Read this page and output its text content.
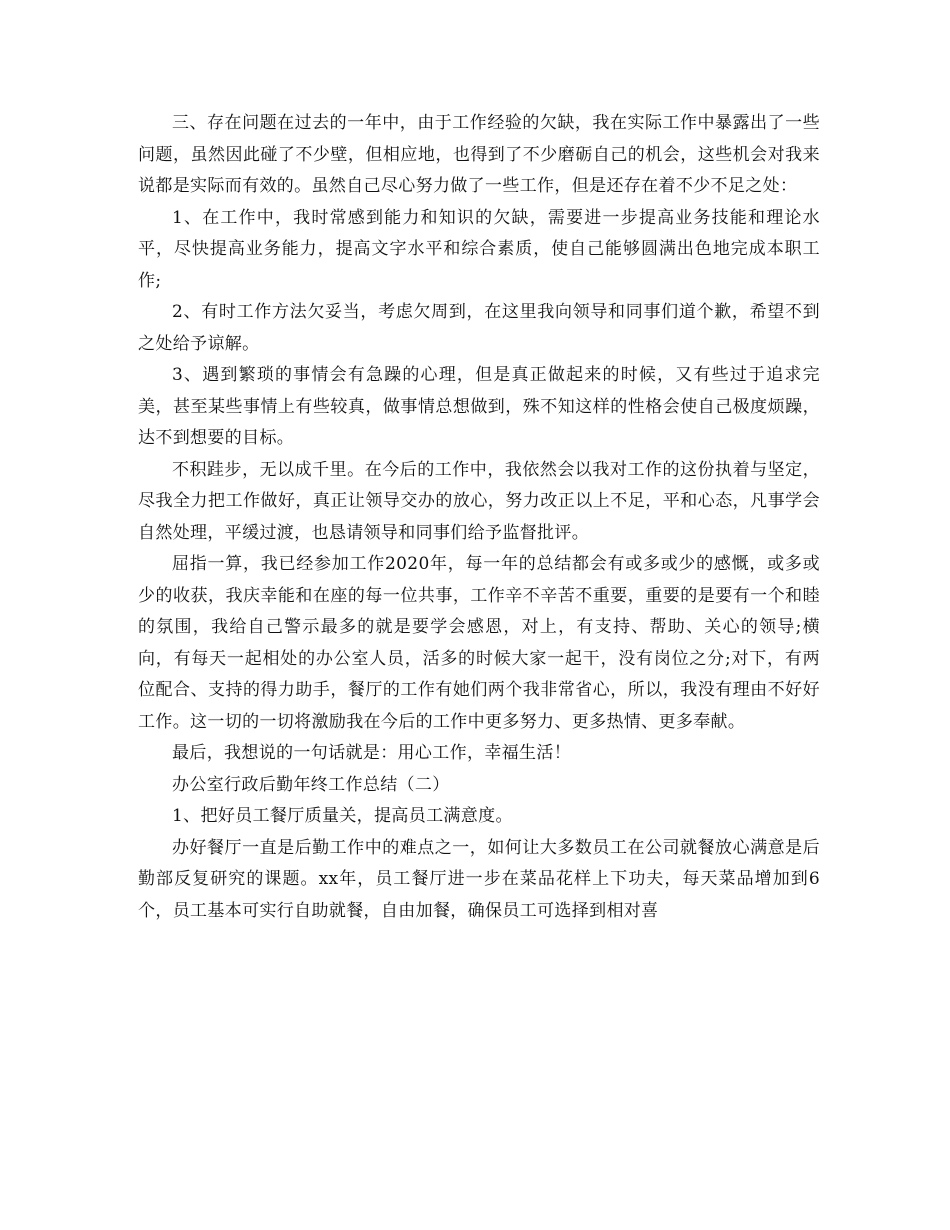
三、存在问题在过去的一年中，由于工作经验的欠缺，我在实际工作中暴露出了一些问题，虽然因此碰了不少壁，但相应地，也得到了不少磨砺自己的机会，这些机会对我来说都是实际而有效的。虽然自己尽心努力做了一些工作，但是还存在着不少不足之处：

1、在工作中，我时常感到能力和知识的欠缺，需要进一步提高业务技能和理论水平，尽快提高业务能力，提高文字水平和综合素质，使自己能够圆满出色地完成本职工作;

2、有时工作方法欠妥当，考虑欠周到，在这里我向领导和同事们道个歉，希望不到之处给予谅解。

3、遇到繁琐的事情会有急躁的心理，但是真正做起来的时候，又有些过于追求完美，甚至某些事情上有些较真，做事情总想做到，殊不知这样的性格会使自己极度烦躁，达不到想要的目标。

不积跬步，无以成千里。在今后的工作中，我依然会以我对工作的这份执着与坚定，尽我全力把工作做好，真正让领导交办的放心，努力改正以上不足，平和心态，凡事学会自然处理，平缓过渡，也恳请领导和同事们给予监督批评。

屈指一算，我已经参加工作2020年，每一年的总结都会有或多或少的感慨，或多或少的收获，我庆幸能和在座的每一位共事，工作辛不辛苦不重要，重要的是要有一个和睦的氛围，我给自己警示最多的就是要学会感恩，对上，有支持、帮助、关心的领导;横向，有每天一起相处的办公室人员，活多的时候大家一起干，没有岗位之分;对下，有两位配合、支持的得力助手，餐厅的工作有她们两个我非常省心，所以，我没有理由不好好工作。这一切的一切将激励我在今后的工作中更多努力、更多热情、更多奉献。

最后，我想说的一句话就是：用心工作，幸福生活！

办公室行政后勤年终工作总结（二）

1、把好员工餐厅质量关，提高员工满意度。

办好餐厅一直是后勤工作中的难点之一，如何让大多数员工在公司就餐放心满意是后勤部反复研究的课题。xx年，员工餐厅进一步在菜品花样上下功夫，每天菜品增加到6个，员工基本可实行自助就餐，自由加餐，确保员工可选择到相对喜
